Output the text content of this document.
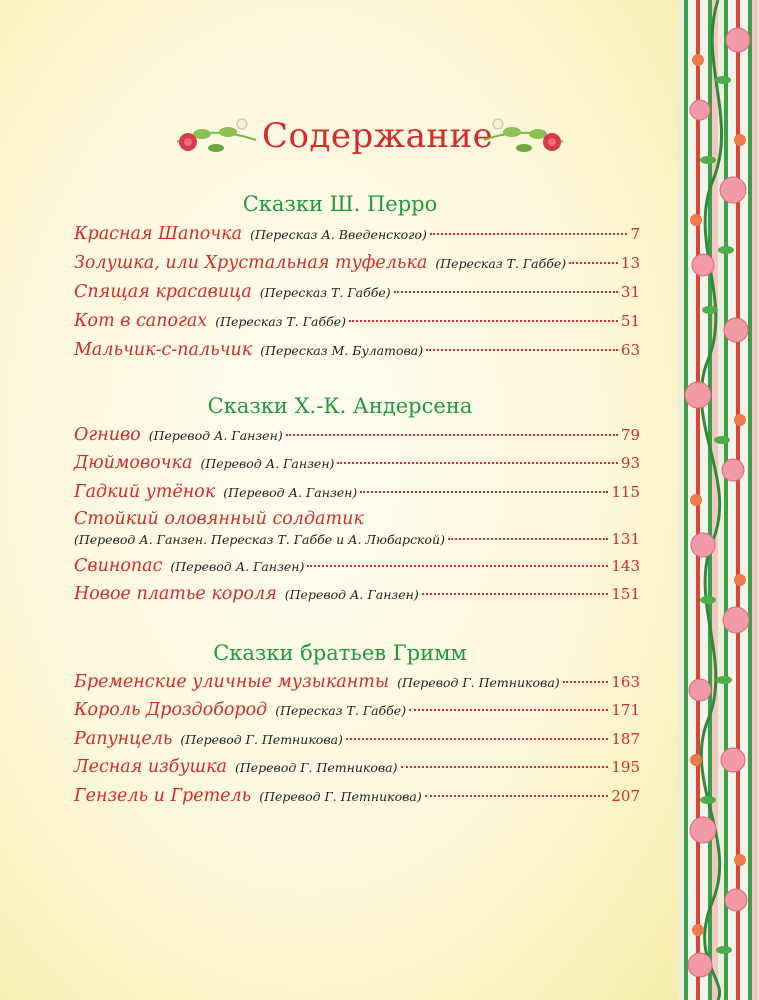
Содержание
Сказки Ш. Перро
Красная Шапочка (Пересказ А. Введенского)	7
Золушка, или Хрустальная туфелька (Пересказ Т. Габбе)	13
Спящая красавица (Пересказ Т. Габбе)	31
Кот в сапогах (Пересказ Т. Габбе)	51
Мальчик-с-пальчик (Пересказ М. Булатова)	63
Сказки Х.-К. Андерсена
Огниво (Перевод А. Ганзен)	79
Дюймовочка (Перевод А. Ганзен)	93
Гадкий утёнок (Перевод А. Ганзен)	115
Стойкий оловянный солдатик
(Перевод А. Ганзен. Пересказ Т. Габбе и А. Любарской)	131
Свинопас (Перевод А. Ганзен)	143
Новое платье короля (Перевод А. Ганзен)	151
Сказки братьев Гримм
Бременские уличные музыканты (Перевод Г. Петникова)	163
Король Дроздобород (Пересказ Т. Габбе)	171
Рапунцель (Перевод Г. Петникова)	187
Лесная избушка (Перевод Г. Петникова)	195
Гензель и Гретель (Перевод Г. Петникова)	207
